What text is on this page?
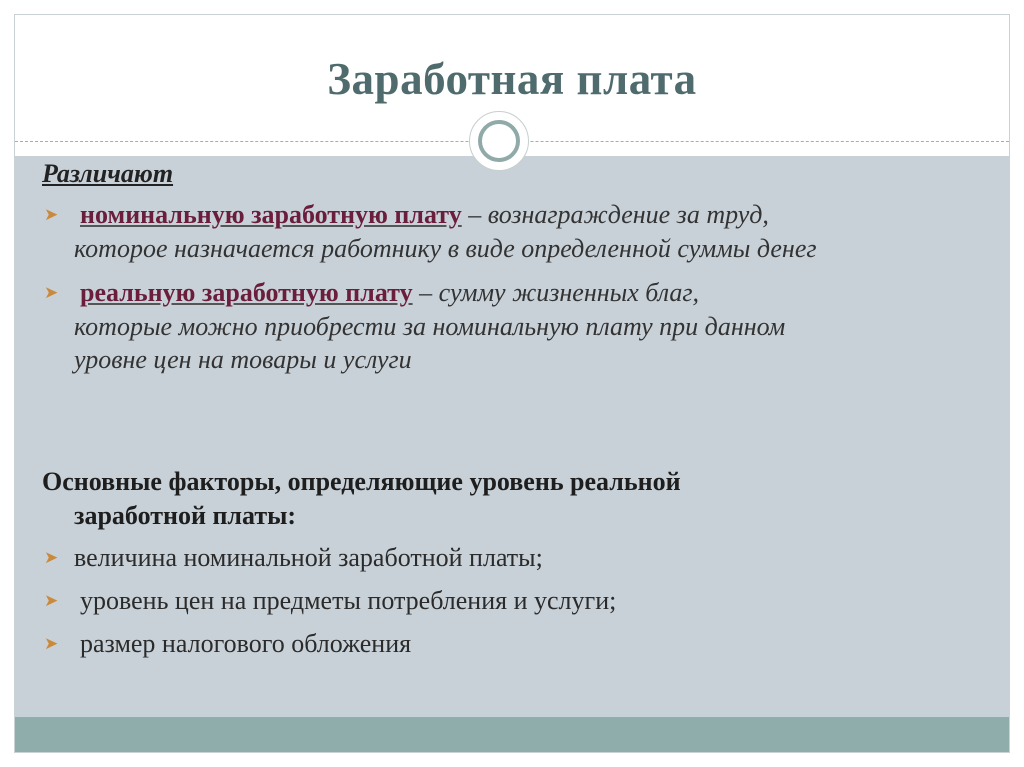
Заработная плата
Различают
➤ номинальную заработную плату – вознаграждение за труд,
которое назначается работнику в виде определенной суммы денег
➤ реальную заработную плату – сумму жизненных благ,
которые можно приобрести за номинальную плату при данном
уровне цен на товары и услуги
Основные факторы, определяющие уровень реальной
заработной платы:
➤ величина номинальной заработной платы;
➤ уровень цен на предметы потребления и услуги;
➤ размер налогового обложения
